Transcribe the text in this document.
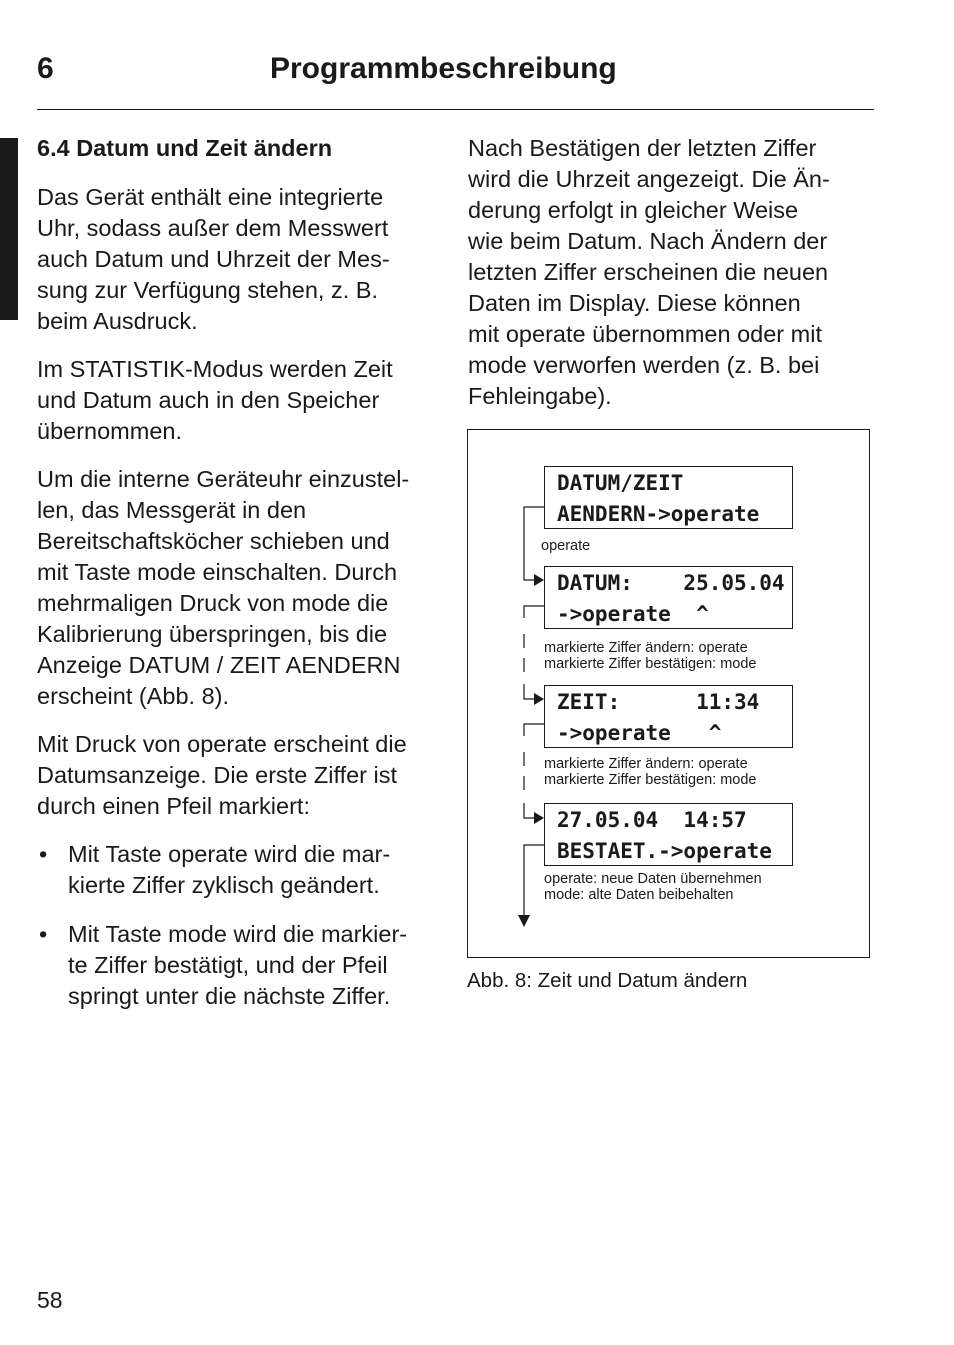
6	Programmbeschreibung
6.4 Datum und Zeit ändern

Das Gerät enthält eine integrierte
Uhr, sodass außer dem Messwert
auch Datum und Uhrzeit der Mes-
sung zur Verfügung stehen, z. B.
beim Ausdruck.

Im STATISTIK-Modus werden Zeit
und Datum auch in den Speicher
übernommen.

Um die interne Geräteuhr einzustel-
len, das Messgerät in den
Bereitschaftsköcher schieben und
mit Taste mode einschalten. Durch
mehrmaligen Druck von mode die
Kalibrierung überspringen, bis die
Anzeige DATUM / ZEIT AENDERN
erscheint (Abb. 8).

Mit Druck von operate erscheint die
Datumsanzeige. Die erste Ziffer ist
durch einen Pfeil markiert:

• Mit Taste operate wird die mar-
kierte Ziffer zyklisch geändert.
• Mit Taste mode wird die markier-
te Ziffer bestätigt, und der Pfeil
springt unter die nächste Ziffer.

Nach Bestätigen der letzten Ziffer
wird die Uhrzeit angezeigt. Die Än-
derung erfolgt in gleicher Weise
wie beim Datum. Nach Ändern der
letzten Ziffer erscheinen die neuen
Daten im Display. Diese können
mit operate übernommen oder mit
mode verworfen werden (z. B. bei
Fehleingabe).

DATUM/ZEIT
AENDERN->operate
operate
DATUM:    25.05.04
->operate  ^
markierte Ziffer ändern: operate
markierte Ziffer bestätigen: mode
ZEIT:      11:34
->operate   ^
markierte Ziffer ändern: operate
markierte Ziffer bestätigen: mode
27.05.04  14:57
BESTAET.->operate
operate: neue Daten übernehmen
mode: alte Daten beibehalten
Abb. 8: Zeit und Datum ändern
58
